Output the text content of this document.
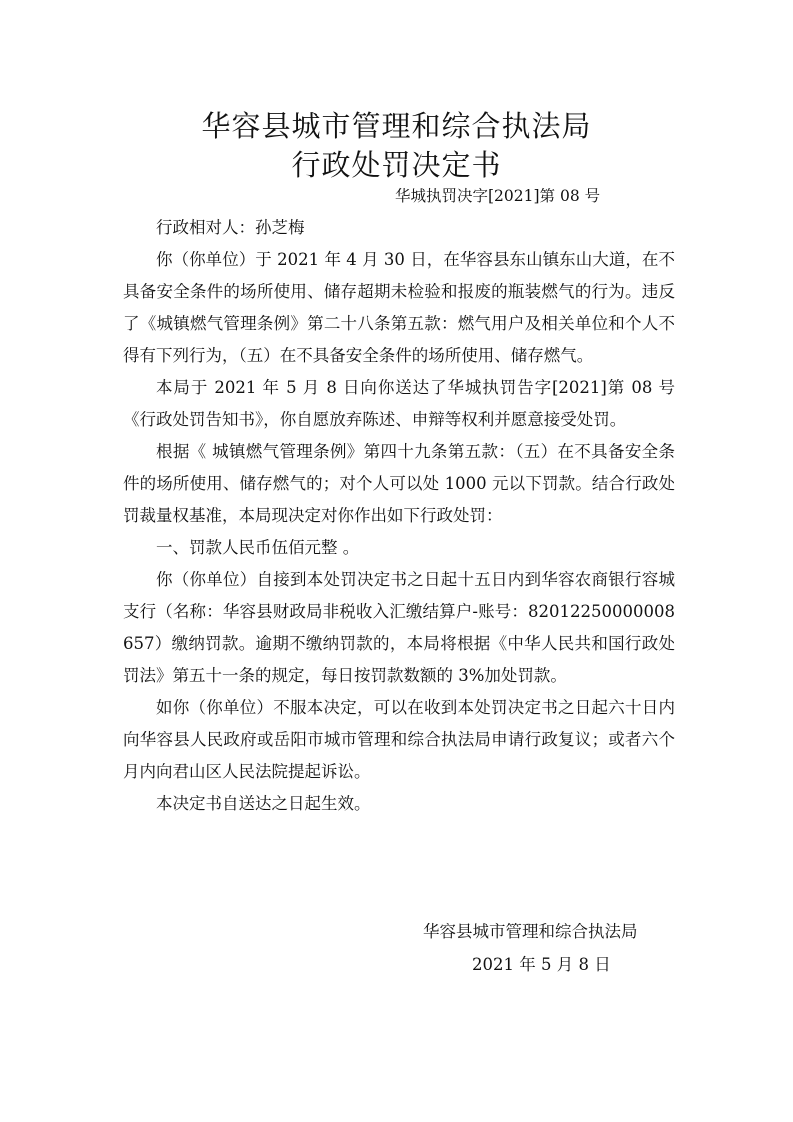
华容县城市管理和综合执法局
行政处罚决定书
华城执罚决字[2021]第 08 号

行政相对人：孙芝梅

你（你单位）于 2021 年 4 月 30 日，在华容县东山镇东山大道，在不具备安全条件的场所使用、储存超期未检验和报废的瓶装燃气的行为。违反了《城镇燃气管理条例》第二十八条第五款：燃气用户及相关单位和个人不得有下列行为，（五）在不具备安全条件的场所使用、储存燃气。

本局于 2021 年 5 月 8 日向你送达了华城执罚告字[2021]第 08 号《行政处罚告知书》，你自愿放弃陈述、申辩等权利并愿意接受处罚。

根据《 城镇燃气管理条例》第四十九条第五款：（五）在不具备安全条件的场所使用、储存燃气的；对个人可以处 1000 元以下罚款。结合行政处罚裁量权基准，本局现决定对你作出如下行政处罚：

一、罚款人民币伍佰元整 。

你（你单位）自接到本处罚决定书之日起十五日内到华容农商银行容城支行（名称：华容县财政局非税收入汇缴结算户-账号：82012250000008657）缴纳罚款。逾期不缴纳罚款的，本局将根据《中华人民共和国行政处罚法》第五十一条的规定，每日按罚款数额的 3%加处罚款。

如你（你单位）不服本决定，可以在收到本处罚决定书之日起六十日内向华容县人民政府或岳阳市城市管理和综合执法局申请行政复议；或者六个月内向君山区人民法院提起诉讼。

本决定书自送达之日起生效。

华容县城市管理和综合执法局
2021 年 5 月 8 日
